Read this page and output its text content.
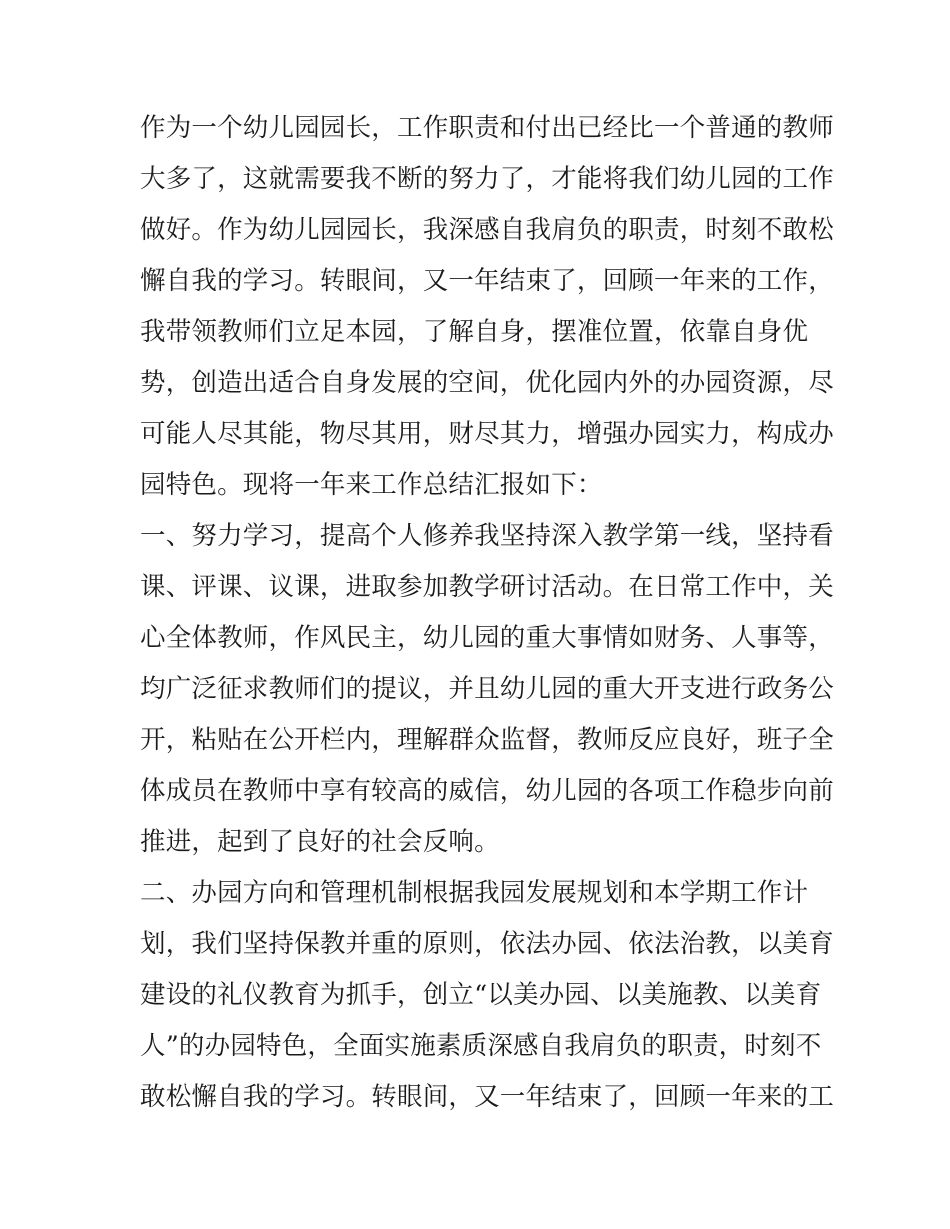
作为一个幼儿园园长，工作职责和付出已经比一个普通的教师
大多了，这就需要我不断的努力了，才能将我们幼儿园的工作
做好。作为幼儿园园长，我深感自我肩负的职责，时刻不敢松
懈自我的学习。转眼间，又一年结束了，回顾一年来的工作，
我带领教师们立足本园，了解自身，摆准位置，依靠自身优
势，创造出适合自身发展的空间，优化园内外的办园资源，尽
可能人尽其能，物尽其用，财尽其力，增强办园实力，构成办
园特色。现将一年来工作总结汇报如下：
一、努力学习，提高个人修养我坚持深入教学第一线，坚持看
课、评课、议课，进取参加教学研讨活动。在日常工作中，关
心全体教师，作风民主，幼儿园的重大事情如财务、人事等，
均广泛征求教师们的提议，并且幼儿园的重大开支进行政务公
开，粘贴在公开栏内，理解群众监督，教师反应良好，班子全
体成员在教师中享有较高的威信，幼儿园的各项工作稳步向前
推进，起到了良好的社会反响。
二、办园方向和管理机制根据我园发展规划和本学期工作计
划，我们坚持保教并重的原则，依法办园、依法治教，以美育
建设的礼仪教育为抓手，创立“以美办园、以美施教、以美育
人”的办园特色，全面实施素质深感自我肩负的职责，时刻不
敢松懈自我的学习。转眼间，又一年结束了，回顾一年来的工
